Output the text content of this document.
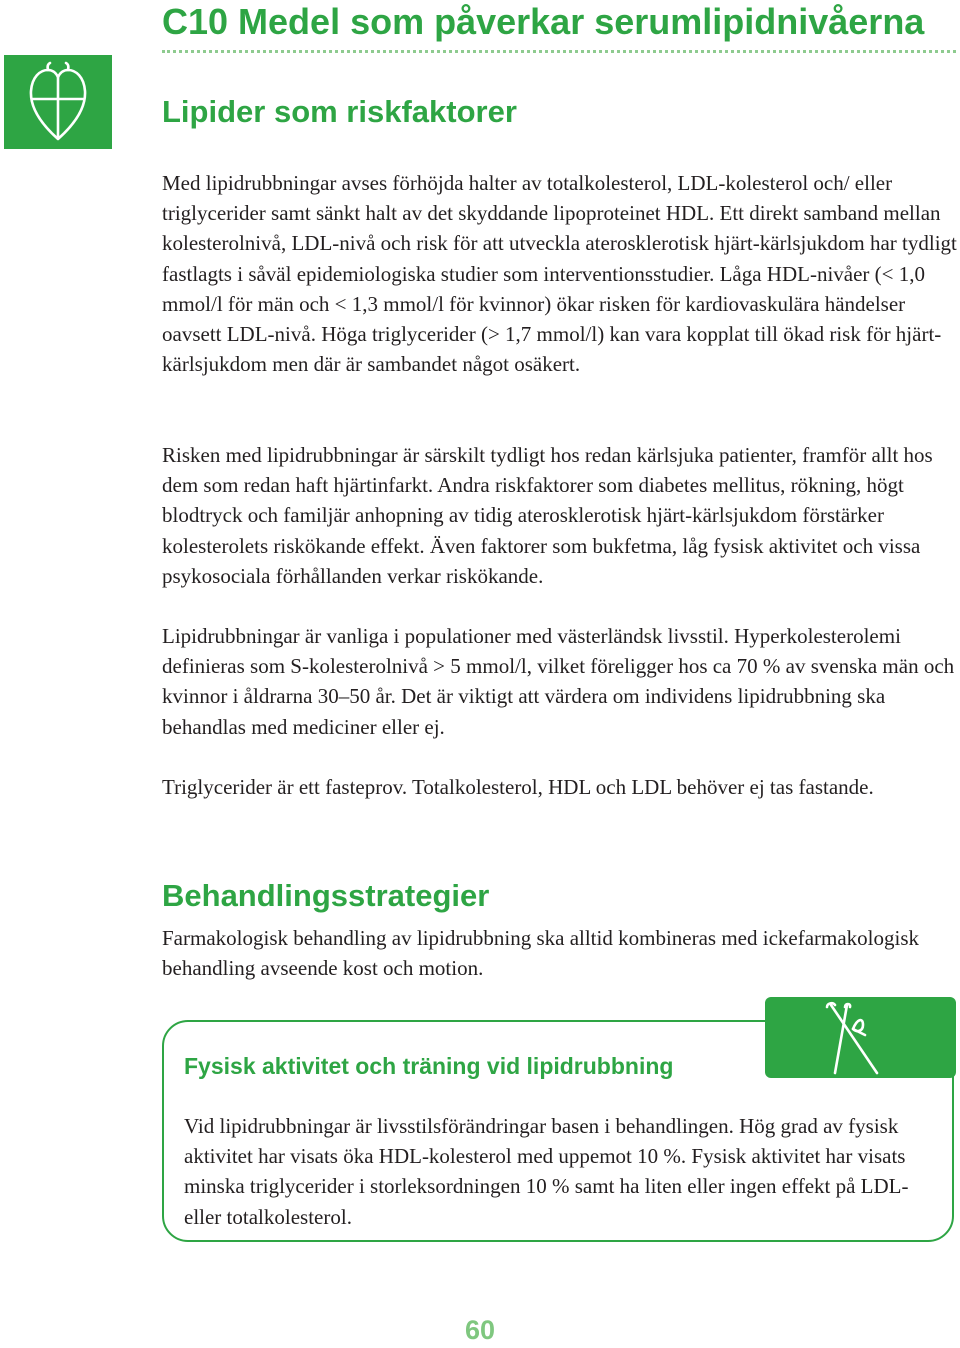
C10 Medel som påverkar serumlipidnivåerna
Lipider som riskfaktorer

Med lipidrubbningar avses förhöjda halter av totalkolesterol, LDL-kolesterol och/ eller triglycerider samt sänkt halt av det skyddande lipoproteinet HDL. Ett direkt samband mellan kolesterolnivå, LDL-nivå och risk för att utveckla aterosklerotisk hjärt-kärlsjukdom har tydligt fastlagts i såväl epidemiologiska studier som interventionsstudier. Låga HDL-nivåer (< 1,0 mmol/l för män och < 1,3 mmol/l för kvinnor) ökar risken för kardiovaskulära händelser oavsett LDL-nivå. Höga triglycerider (> 1,7 mmol/l) kan vara kopplat till ökad risk för hjärt-kärlsjukdom men där är sambandet något osäkert.

Risken med lipidrubbningar är särskilt tydligt hos redan kärlsjuka patienter, framför allt hos dem som redan haft hjärtinfarkt. Andra riskfaktorer som diabetes mellitus, rökning, högt blodtryck och familjär anhopning av tidig aterosklerotisk hjärt-kärlsjukdom förstärker kolesterolets riskökande effekt. Även faktorer som bukfetma, låg fysisk aktivitet och vissa psykosociala förhållanden verkar riskökande.

Lipidrubbningar är vanliga i populationer med västerländsk livsstil. Hyperkolesterolemi definieras som S-kolesterolnivå > 5 mmol/l, vilket föreligger hos ca 70 % av svenska män och kvinnor i åldrarna 30–50 år. Det är viktigt att värdera om individens lipidrubbning ska behandlas med mediciner eller ej.

Triglycerider är ett fasteprov. Totalkolesterol, HDL och LDL behöver ej tas fastande.

Behandlingsstrategier

Farmakologisk behandling av lipidrubbning ska alltid kombineras med ickefarmakologisk behandling avseende kost och motion.

Fysisk aktivitet och träning vid lipidrubbning

Vid lipidrubbningar är livsstilsförändringar basen i behandlingen. Hög grad av fysisk aktivitet har visats öka HDL-kolesterol med uppemot 10 %. Fysisk aktivitet har visats minska triglycerider i storleksordningen 10 % samt ha liten eller ingen effekt på LDL- eller totalkolesterol.

60
